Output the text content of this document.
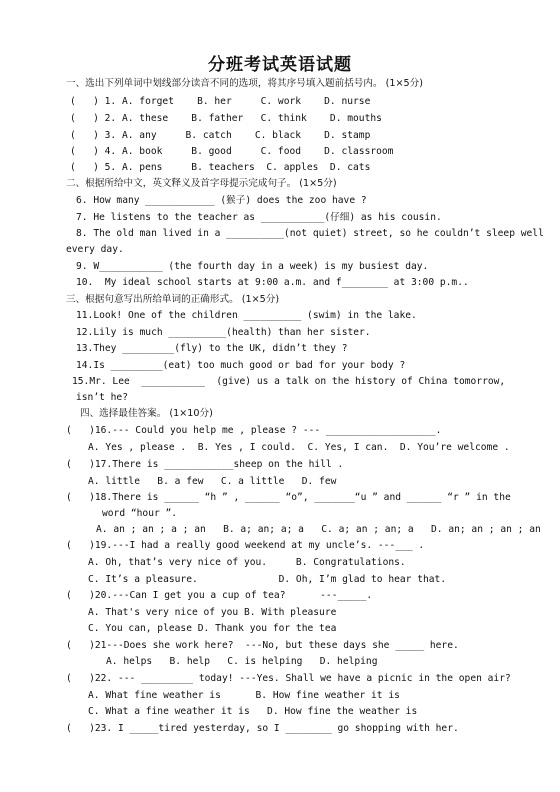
分班考试英语试题
一、选出下列单词中划线部分读音不同的选项，将其序号填入题前括号内。 (1×5分)
(   ) 1. A. forget    B. her     C. work    D. nurse
(   ) 2. A. these    B. father   C. think    D. mouths
(   ) 3. A. any     B. catch    C. black    D. stamp
(   ) 4. A. book     B. good     C. food    D. classroom
(   ) 5. A. pens     B. teachers  C. apples  D. cats
二、根据所给中文，英文释义及首字母提示完成句子。 (1×5分)
6. How many ____________ (猴子) does the zoo have ?
7. He listens to the teacher as ___________(仔细) as his cousin.
8. The old man lived in a __________(not quiet) street, so he couldn’t sleep well
every day.
9. W___________ (the fourth day in a week) is my busiest day.
10.  My ideal school starts at 9:00 a.m. and f________ at 3:00 p.m..
三、根据句意写出所给单词的正确形式。 (1×5分)
11.Look! One of the children __________ (swim) in the lake.
12.Lily is much __________(health) than her sister.
13.They _________(fly) to the UK, didn’t they ?
14.Is _________(eat) too much good or bad for your body ?
15.Mr. Lee  ___________  (give) us a talk on the history of China tomorrow,
isn’t he?
四、选择最佳答案。 (1×10分)
(   )16.--- Could you help me , please ? --- ___________________.
A. Yes , please .  B. Yes , I could.  C. Yes, I can.  D. You’re welcome .
(   )17.There is ____________sheep on the hill .
A. little   B. a few   C. a little   D. few
(   )18.There is ______ “h ” , ______ “o”, _______“u ” and ______ “r ” in the
word “hour ”.
A. an ; an ; a ; an   B. a; an; a; a   C. a; an ; an; a   D. an; an ; an ; an
(   )19.---I had a really good weekend at my uncle’s. ---___ .
A. Oh, that’s very nice of you.     B. Congratulations.
C. It’s a pleasure.              D. Oh, I’m glad to hear that.
(   )20.---Can I get you a cup of tea?      ---_____.
A. That's very nice of you B. With pleasure
C. You can, please D. Thank you for the tea
(   )21---Does she work here?  ---No, but these days she _____ here.
A. helps   B. help   C. is helping   D. helping
(   )22. --- _________ today! ---Yes. Shall we have a picnic in the open air?
A. What fine weather is      B. How fine weather it is
C. What a fine weather it is   D. How fine the weather is
(   )23. I _____tired yesterday, so I ________ go shopping with her.
